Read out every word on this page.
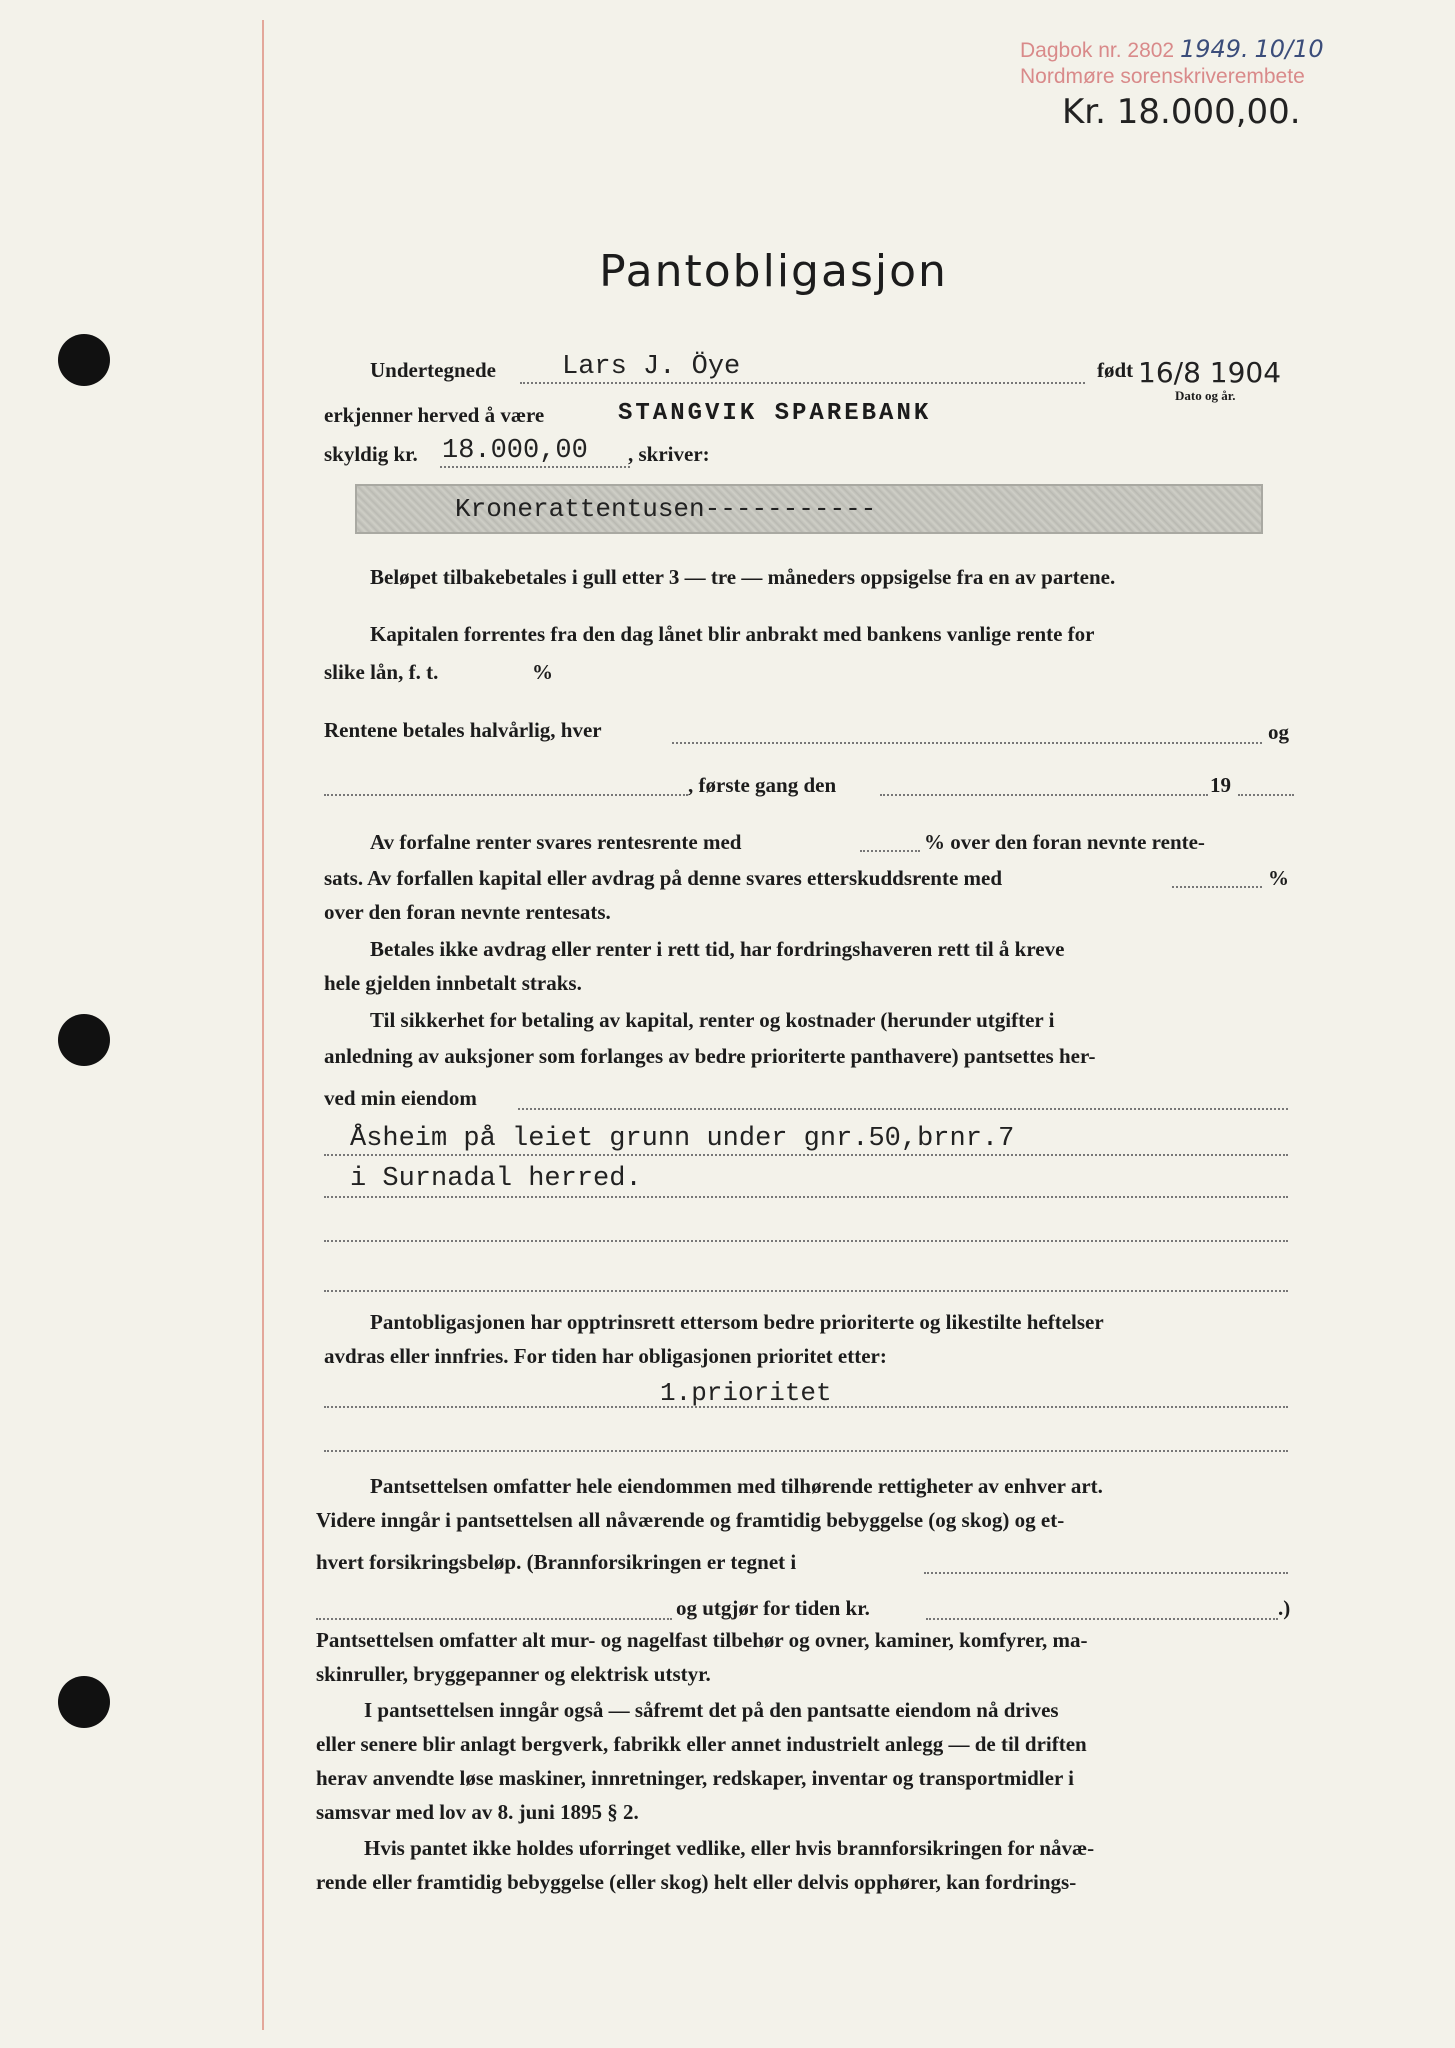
Dagbok nr. 2802 1949. 10/10
Nordmøre sorenskriverembete
Kr. 18.000,00.
Pantobligasjon
Undertegnede Lars J. Öye	født 16/8 1904
Dato og år.
erkjenner herved å være	STANGVIK SPAREBANK
skyldig kr. 18.000,00 , skriver:
Kronerattentusen-----------
Beløpet tilbakebetales i gull etter 3 — tre — måneders oppsigelse fra en av partene.
Kapitalen forrentes fra den dag lånet blir anbrakt med bankens vanlige rente for
slike lån, f. t.	%
Rentene betales halvårlig, hver	og
, første gang den	19
Av forfalne renter svares rentesrente med	% over den foran nevnte rente-
sats. Av forfallen kapital eller avdrag på denne svares etterskuddsrente med	%
over den foran nevnte rentesats.
Betales ikke avdrag eller renter i rett tid, har fordringshaveren rett til å kreve
hele gjelden innbetalt straks.
Til sikkerhet for betaling av kapital, renter og kostnader (herunder utgifter i
anledning av auksjoner som forlanges av bedre prioriterte panthavere) pantsettes her-
ved min eiendom
Åsheim på leiet grunn under gnr.50,brnr.7
i Surnadal herred.
Pantobligasjonen har opptrinsrett ettersom bedre prioriterte og likestilte heftelser
avdras eller innfries. For tiden har obligasjonen prioritet etter:
1.prioritet
Pantsettelsen omfatter hele eiendommen med tilhørende rettigheter av enhver art.
Videre inngår i pantsettelsen all nåværende og framtidig bebyggelse (og skog) og et-
hvert forsikringsbeløp. (Brannforsikringen er tegnet i
og utgjør for tiden kr.	.)
Pantsettelsen omfatter alt mur- og nagelfast tilbehør og ovner, kaminer, komfyrer, ma-
skinruller, bryggepanner og elektrisk utstyr.
I pantsettelsen inngår også — såfremt det på den pantsatte eiendom nå drives
eller senere blir anlagt bergverk, fabrikk eller annet industrielt anlegg — de til driften
herav anvendte løse maskiner, innretninger, redskaper, inventar og transportmidler i
samsvar med lov av 8. juni 1895 § 2.
Hvis pantet ikke holdes uforringet vedlike, eller hvis brannforsikringen for nåvæ-
rende eller framtidig bebyggelse (eller skog) helt eller delvis opphører, kan fordrings-
